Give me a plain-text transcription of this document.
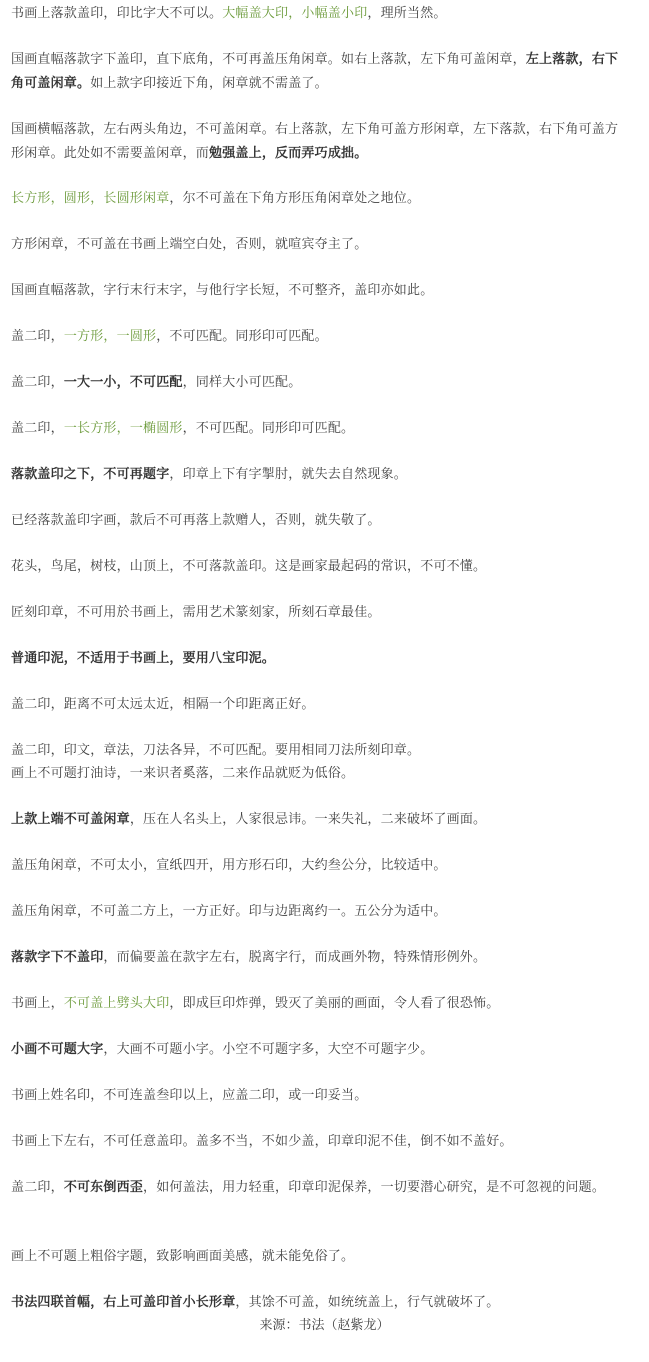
书画上落款盖印，印比字大不可以。大幅盖大印，小幅盖小印，理所当然。
国画直幅落款字下盖印，直下底角，不可再盖压角闲章。如右上落款，左下角可盖闲章，左上落款，右下角可盖闲章。如上款字印接近下角，闲章就不需盖了。
国画横幅落款，左右两头角边，不可盖闲章。右上落款，左下角可盖方形闲章，左下落款，右下角可盖方形闲章。此处如不需要盖闲章，而勉强盖上，反而弄巧成拙。
长方形，圆形，长圆形闲章，尔不可盖在下角方形压角闲章处之地位。
方形闲章，不可盖在书画上端空白处，否则，就喧宾夺主了。
国画直幅落款，字行末行末字，与他行字长短，不可整齐，盖印亦如此。
盖二印，一方形，一圆形，不可匹配。同形印可匹配。
盖二印，一大一小，不可匹配，同样大小可匹配。
盖二印，一长方形，一椭圆形，不可匹配。同形印可匹配。
落款盖印之下，不可再题字，印章上下有字掣肘，就失去自然现象。
已经落款盖印字画，款后不可再落上款赠人，否则，就失敬了。
花头，鸟尾，树枝，山顶上，不可落款盖印。这是画家最起码的常识，不可不懂。
匠刻印章，不可用於书画上，需用艺术篆刻家，所刻石章最佳。
普通印泥，不适用于书画上，要用八宝印泥。
盖二印，距离不可太远太近，相隔一个印距离正好。
盖二印，印文，章法，刀法各异，不可匹配。要用相同刀法所刻印章。
画上不可题打油诗，一来识者奚落，二来作品就贬为低俗。
上款上端不可盖闲章，压在人名头上，人家很忌讳。一来失礼，二来破坏了画面。
盖压角闲章，不可太小，宣纸四开，用方形石印，大约叁公分，比较适中。
盖压角闲章，不可盖二方上，一方正好。印与边距离约一。五公分为适中。
落款字下不盖印，而偏要盖在款字左右，脱离字行，而成画外物，特殊情形例外。
书画上，不可盖上劈头大印，即成巨印炸弹，毁灭了美丽的画面，令人看了很恐怖。
小画不可题大字，大画不可题小字。小空不可题字多，大空不可题字少。
书画上姓名印，不可连盖叁印以上，应盖二印，或一印妥当。
书画上下左右，不可任意盖印。盖多不当，不如少盖，印章印泥不佳，倒不如不盖好。
盖二印，不可东倒西歪，如何盖法，用力轻重，印章印泥保养，一切要潜心研究，是不可忽视的问题。
画上不可题上粗俗字题，致影响画面美感，就未能免俗了。
书法四联首幅，右上可盖印首小长形章，其馀不可盖，如统统盖上，行气就破坏了。
来源：书法（赵紫龙）
